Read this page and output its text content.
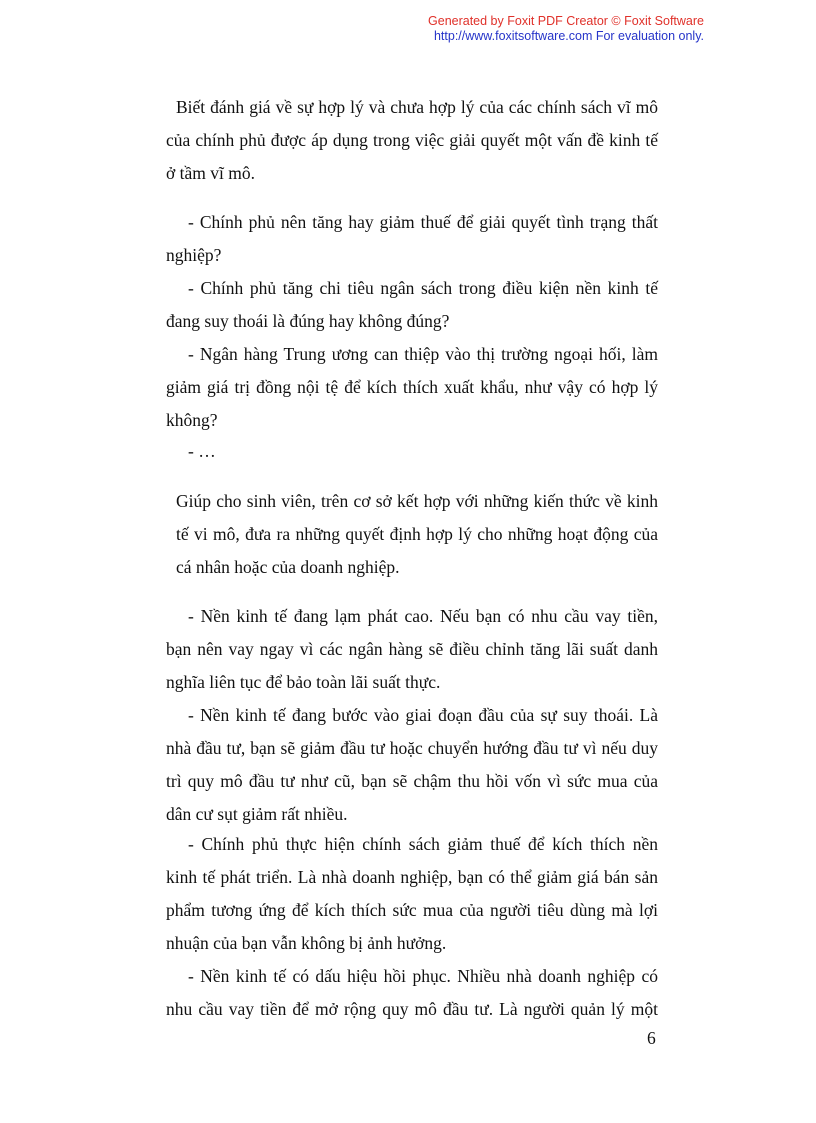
Generated by Foxit PDF Creator © Foxit Software
http://www.foxitsoftware.com For evaluation only.
Biết đánh giá về sự hợp lý và chưa hợp lý của các chính sách vĩ mô
của chính phủ được áp dụng trong việc giải quyết một vấn đề kinh tế
ở tầm vĩ mô.
- Chính phủ nên tăng hay giảm thuế để giải quyết tình trạng thất
nghiệp?
- Chính phủ tăng chi tiêu ngân sách trong điều kiện nền kinh tế
đang suy thoái là đúng hay không đúng?
- Ngân hàng Trung ương can thiệp vào thị trường ngoại hối, làm
giảm giá trị đồng nội tệ để kích thích xuất khẩu, như vậy có hợp lý
không?
- …
Giúp cho sinh viên, trên cơ sở kết hợp với những kiến thức về kinh
tế vi mô, đưa ra những quyết định hợp lý cho những hoạt động của
cá nhân hoặc của doanh nghiệp.
- Nền kinh tế đang lạm phát cao. Nếu bạn có nhu cầu vay tiền,
bạn nên vay ngay vì các ngân hàng sẽ điều chỉnh tăng lãi suất danh
nghĩa liên tục để bảo toàn lãi suất thực.
- Nền kinh tế đang bước vào giai đoạn đầu của sự suy thoái. Là
nhà đầu tư, bạn sẽ giảm đầu tư hoặc chuyển hướng đầu tư vì nếu duy
trì quy mô đầu tư như cũ, bạn sẽ chậm thu hồi vốn vì sức mua của
dân cư sụt giảm rất nhiều.
- Chính phủ thực hiện chính sách giảm thuế để kích thích nền
kinh tế phát triển. Là nhà doanh nghiệp, bạn có thể giảm giá bán sản
phẩm tương ứng để kích thích sức mua của người tiêu dùng mà lợi
nhuận của bạn vẫn không bị ảnh hưởng.
- Nền kinh tế có dấu hiệu hồi phục. Nhiều nhà doanh nghiệp có
nhu cầu vay tiền để mở rộng quy mô đầu tư. Là người quản lý một
6
